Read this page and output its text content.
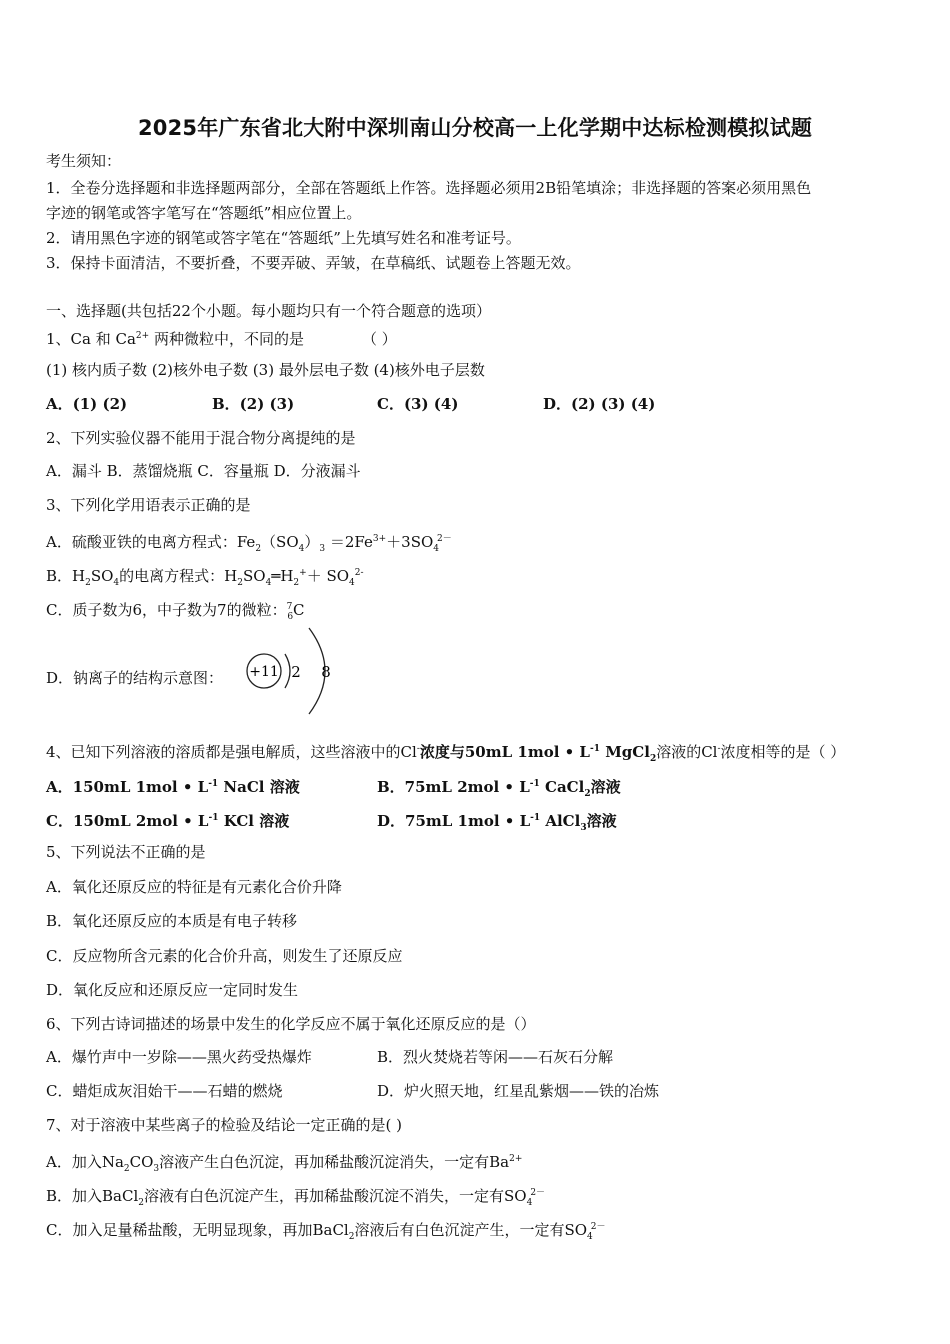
2025年广东省北大附中深圳南山分校高一上化学期中达标检测模拟试题
考生须知：
1．全卷分选择题和非选择题两部分，全部在答题纸上作答。选择题必须用2B铅笔填涂；非选择题的答案必须用黑色
字迹的钢笔或答字笔写在“答题纸”相应位置上。
2．请用黑色字迹的钢笔或答字笔在“答题纸”上先填写姓名和准考证号。
3．保持卡面清洁，不要折叠，不要弄破、弄皱，在草稿纸、试题卷上答题无效。
一、选择题(共包括22个小题。每小题均只有一个符合题意的选项）
1、Ca 和 $Ca^{2+}$ 两种微粒中，不同的是	（ ）
(1) 核内质子数 (2)核外电子数 (3) 最外层电子数 (4)核外电子层数
A．(1) (2)	B．(2) (3)	C．(3) (4)	D．(2) (3) (4)
2、下列实验仪器不能用于混合物分离提纯的是
A．漏斗 B．蒸馏烧瓶 C．容量瓶 D．分液漏斗
3、下列化学用语表示正确的是
A．硫酸亚铁的电离方程式：$Fe_2(SO_4)_3 =2Fe^{3+}+3SO_4^{2-}$
B．$H_2SO_4$的电离方程式：$H_2SO_4═H_2^++ SO_4^{2-}$
C．质子数为6，中子数为7的微粒：$^7_6$C
D．钠离子的结构示意图： +11 2 8
4、已知下列溶液的溶质都是强电解质，这些溶液中的Cl-浓度与50mL 1mol • $L^{-1}$ MgCl$_2$溶液的Cl-浓度相等的是（ ）
A．150mL 1mol • $L^{-1}$ NaCl 溶液	B．75mL 2mol • $L^{-1}$ CaCl$_2$溶液
C．150mL 2mol • $L^{-1}$ KCl 溶液	D．75mL 1mol • $L^{-1}$ AlCl$_3$溶液
5、下列说法不正确的是
A．氧化还原反应的特征是有元素化合价升降
B．氧化还原反应的本质是有电子转移
C．反应物所含元素的化合价升高，则发生了还原反应
D．氧化反应和还原反应一定同时发生
6、下列古诗词描述的场景中发生的化学反应不属于氧化还原反应的是（）
A．爆竹声中一岁除——黑火药受热爆炸	B．烈火焚烧若等闲——石灰石分解
C．蜡炬成灰泪始干——石蜡的燃烧	D．炉火照天地，红星乱紫烟——铁的冶炼
7、对于溶液中某些离子的检验及结论一定正确的是( )
A．加入$Na_2CO_3$溶液产生白色沉淀，再加稀盐酸沉淀消失，一定有$Ba^{2+}$
B．加入BaCl$_2$溶液有白色沉淀产生，再加稀盐酸沉淀不消失，一定有$SO_4^{2-}$
C．加入足量稀盐酸，无明显现象，再加BaCl$_2$溶液后有白色沉淀产生，一定有$SO_4^{2-}$
